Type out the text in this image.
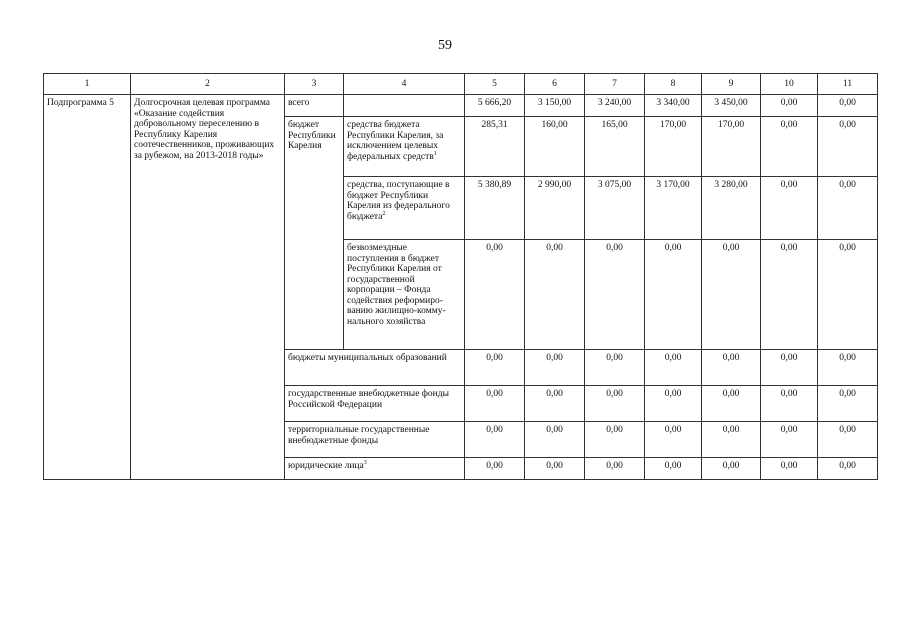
59
1	2	3	4	5	6	7	8	9	10	11
Подпрограмма 5	Долгосрочная целевая программа «Оказание содействия добровольному переселению в Республику Карелия соотечественников, проживающих за рубежом, на 2013-2018 годы»	всего		5 666,20	3 150,00	3 240,00	3 340,00	3 450,00	0,00	0,00
		бюджет Республики Карелия	средства бюджета Республики Карелия, за исключением целевых федеральных средств$^1$	285,31	160,00	165,00	170,00	170,00	0,00	0,00
			средства, поступающие в бюджет Республики Карелия из федерального бюджета$^2$	5 380,89	2 990,00	3 075,00	3 170,00	3 280,00	0,00	0,00
			безвозмездные поступления в бюджет Республики Карелия от государственной корпорации – Фонда содействия реформированию жилищно-коммунального хозяйства	0,00	0,00	0,00	0,00	0,00	0,00	0,00
		бюджеты муниципальных образований		0,00	0,00	0,00	0,00	0,00	0,00	0,00
		государственные внебюджетные фонды Российской Федерации		0,00	0,00	0,00	0,00	0,00	0,00	0,00
		территориальные государственные внебюджетные фонды		0,00	0,00	0,00	0,00	0,00	0,00	0,00
		юридические лица$^3$		0,00	0,00	0,00	0,00	0,00	0,00	0,00
